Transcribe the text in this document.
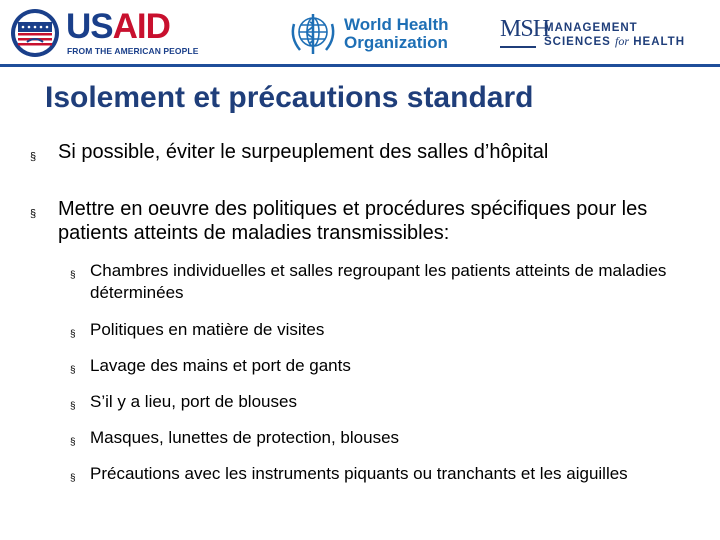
USAID
FROM THE AMERICAN PEOPLE
World Health
Organization
MSH
MANAGEMENT
SCIENCES for HEALTH
Isolement et précautions standard
§ Si possible, éviter le surpeuplement des salles d’hôpital
§ Mettre en oeuvre des politiques et procédures spécifiques pour les patients atteints de maladies transmissibles:
§ Chambres individuelles et salles regroupant les patients atteints de maladies déterminées
§ Politiques en matière de visites
§ Lavage des mains et port de gants
§ S’il y a lieu, port de blouses
§ Masques, lunettes de protection, blouses
§ Précautions avec les instruments piquants ou tranchants et les aiguilles
